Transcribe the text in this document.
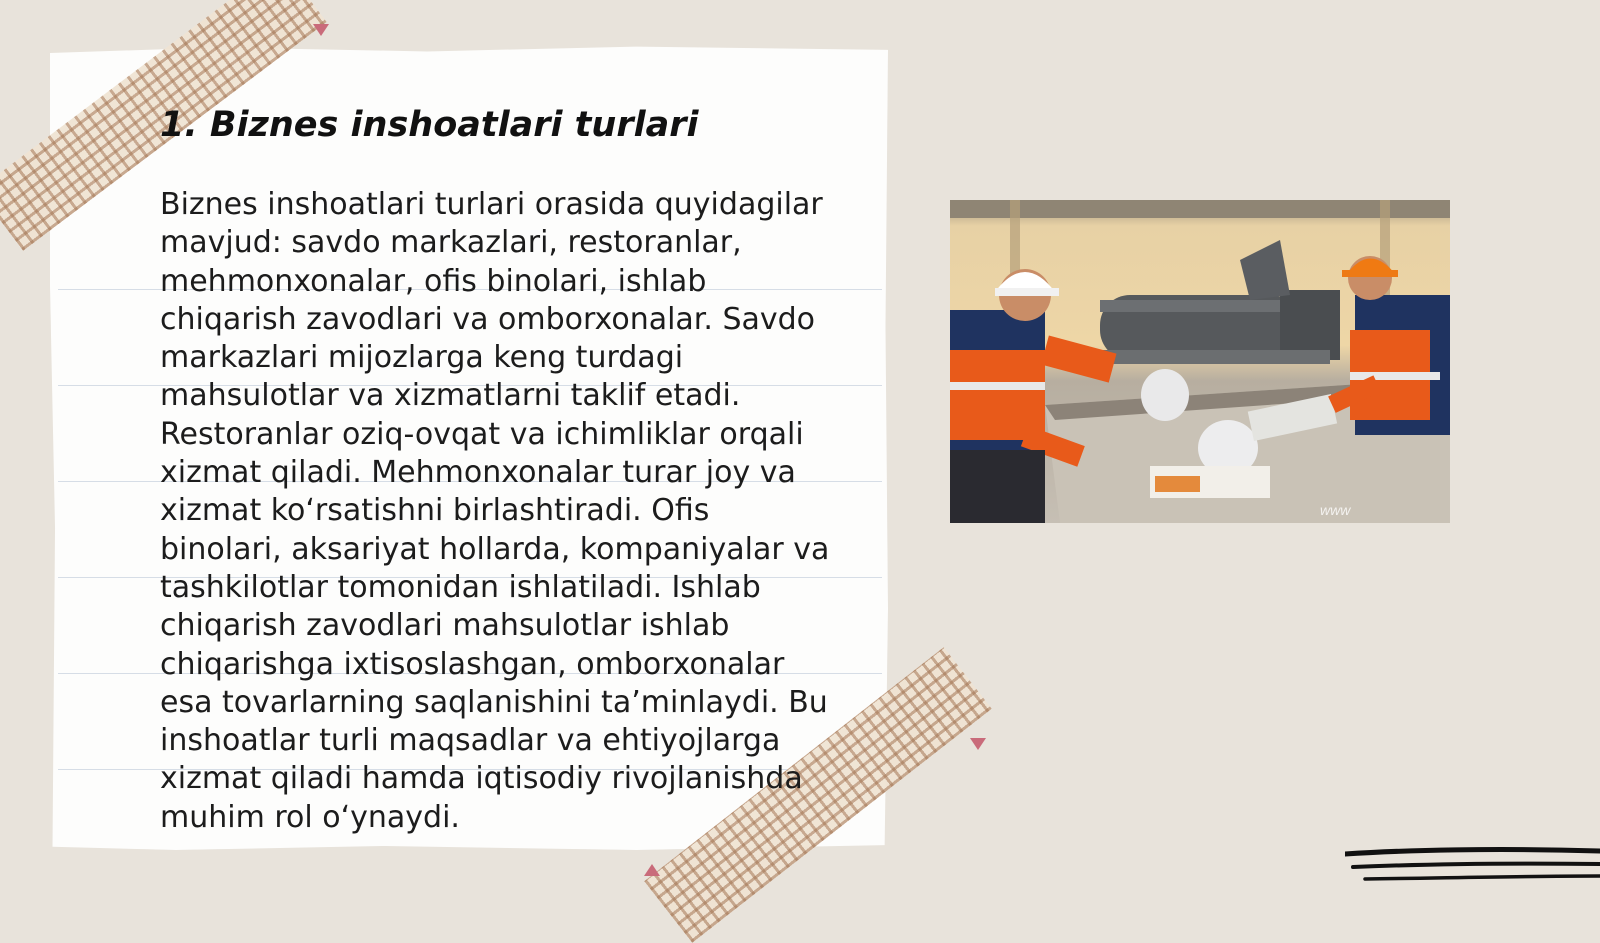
1. Biznes inshoatlari turlari

Biznes inshoatlari turlari orasida quyidagilar mavjud: savdo markazlari, restoranlar, mehmonxonalar, ofis binolari, ishlab chiqarish zavodlari va omborxonalar. Savdo markazlari mijozlarga keng turdagi mahsulotlar va xizmatlarni taklif etadi. Restoranlar oziq-ovqat va ichimliklar orqali xizmat qiladi. Mehmonxonalar turar joy va xizmat ko‘rsatishni birlashtiradi. Ofis binolari, aksariyat hollarda, kompaniyalar va tashkilotlar tomonidan ishlatiladi. Ishlab chiqarish zavodlari mahsulotlar ishlab chiqarishga ixtisoslashgan, omborxonalar esa tovarlarning saqlanishini ta’minlaydi. Bu inshoatlar turli maqsadlar va ehtiyojlarga xizmat qiladi hamda iqtisodiy rivojlanishda muhim rol o‘ynaydi.

www
